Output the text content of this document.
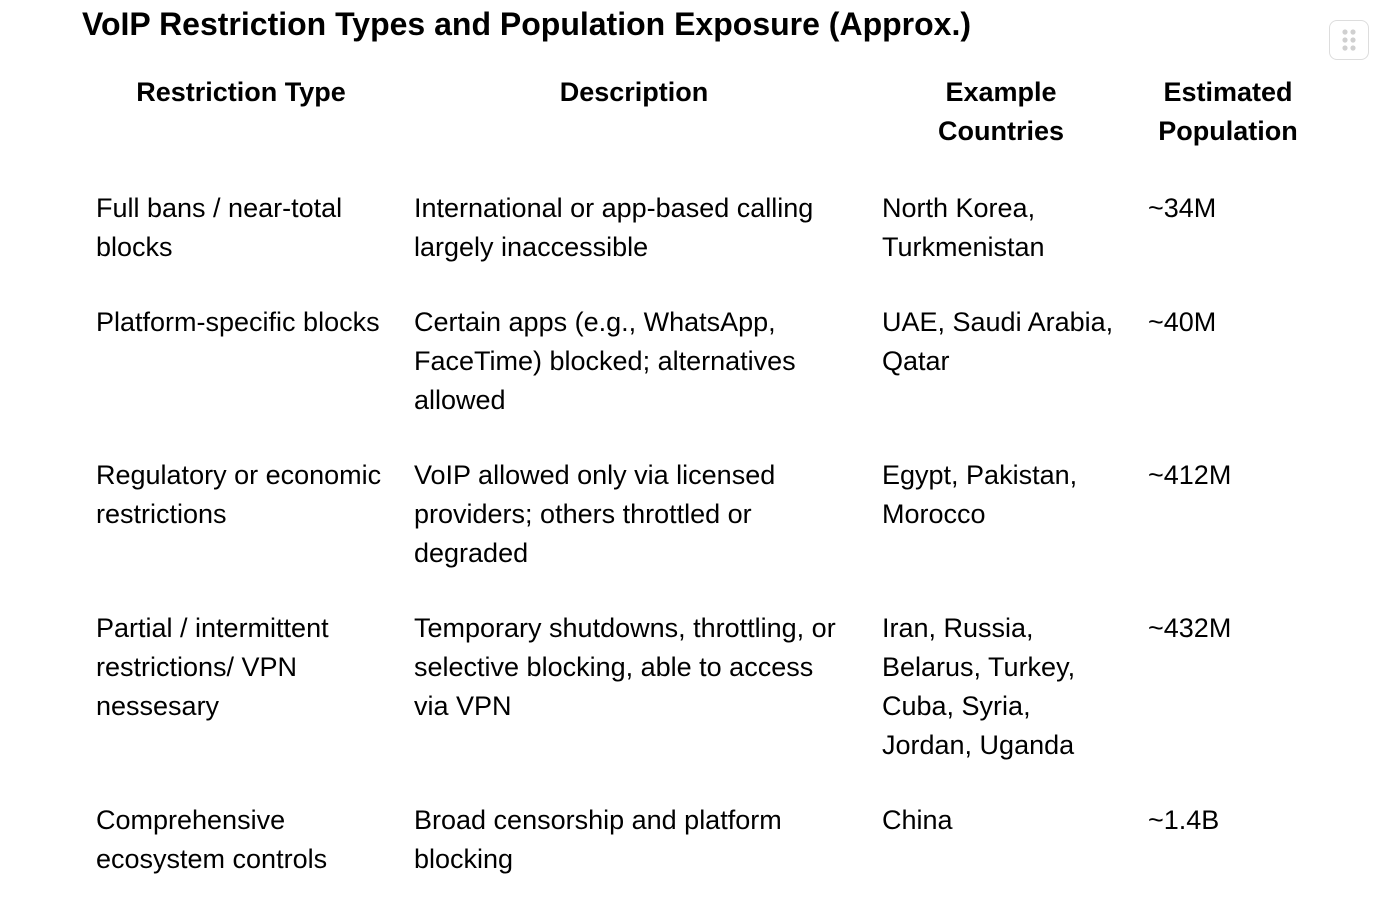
VoIP Restriction Types and Population Exposure (Approx.)
Restriction Type	Description	Example Countries	Estimated Population
Full bans / near-total blocks	International or app-based calling largely inaccessible	North Korea, Turkmenistan	~34M
Platform-specific blocks	Certain apps (e.g., WhatsApp, FaceTime) blocked; alternatives allowed	UAE, Saudi Arabia, Qatar	~40M
Regulatory or economic restrictions	VoIP allowed only via licensed providers; others throttled or degraded	Egypt, Pakistan, Morocco	~412M
Partial / intermittent restrictions/ VPN nessesary	Temporary shutdowns, throttling, or selective blocking, able to access via VPN	Iran, Russia, Belarus, Turkey, Cuba, Syria, Jordan, Uganda	~432M
Comprehensive ecosystem controls	Broad censorship and platform blocking	China	~1.4B
